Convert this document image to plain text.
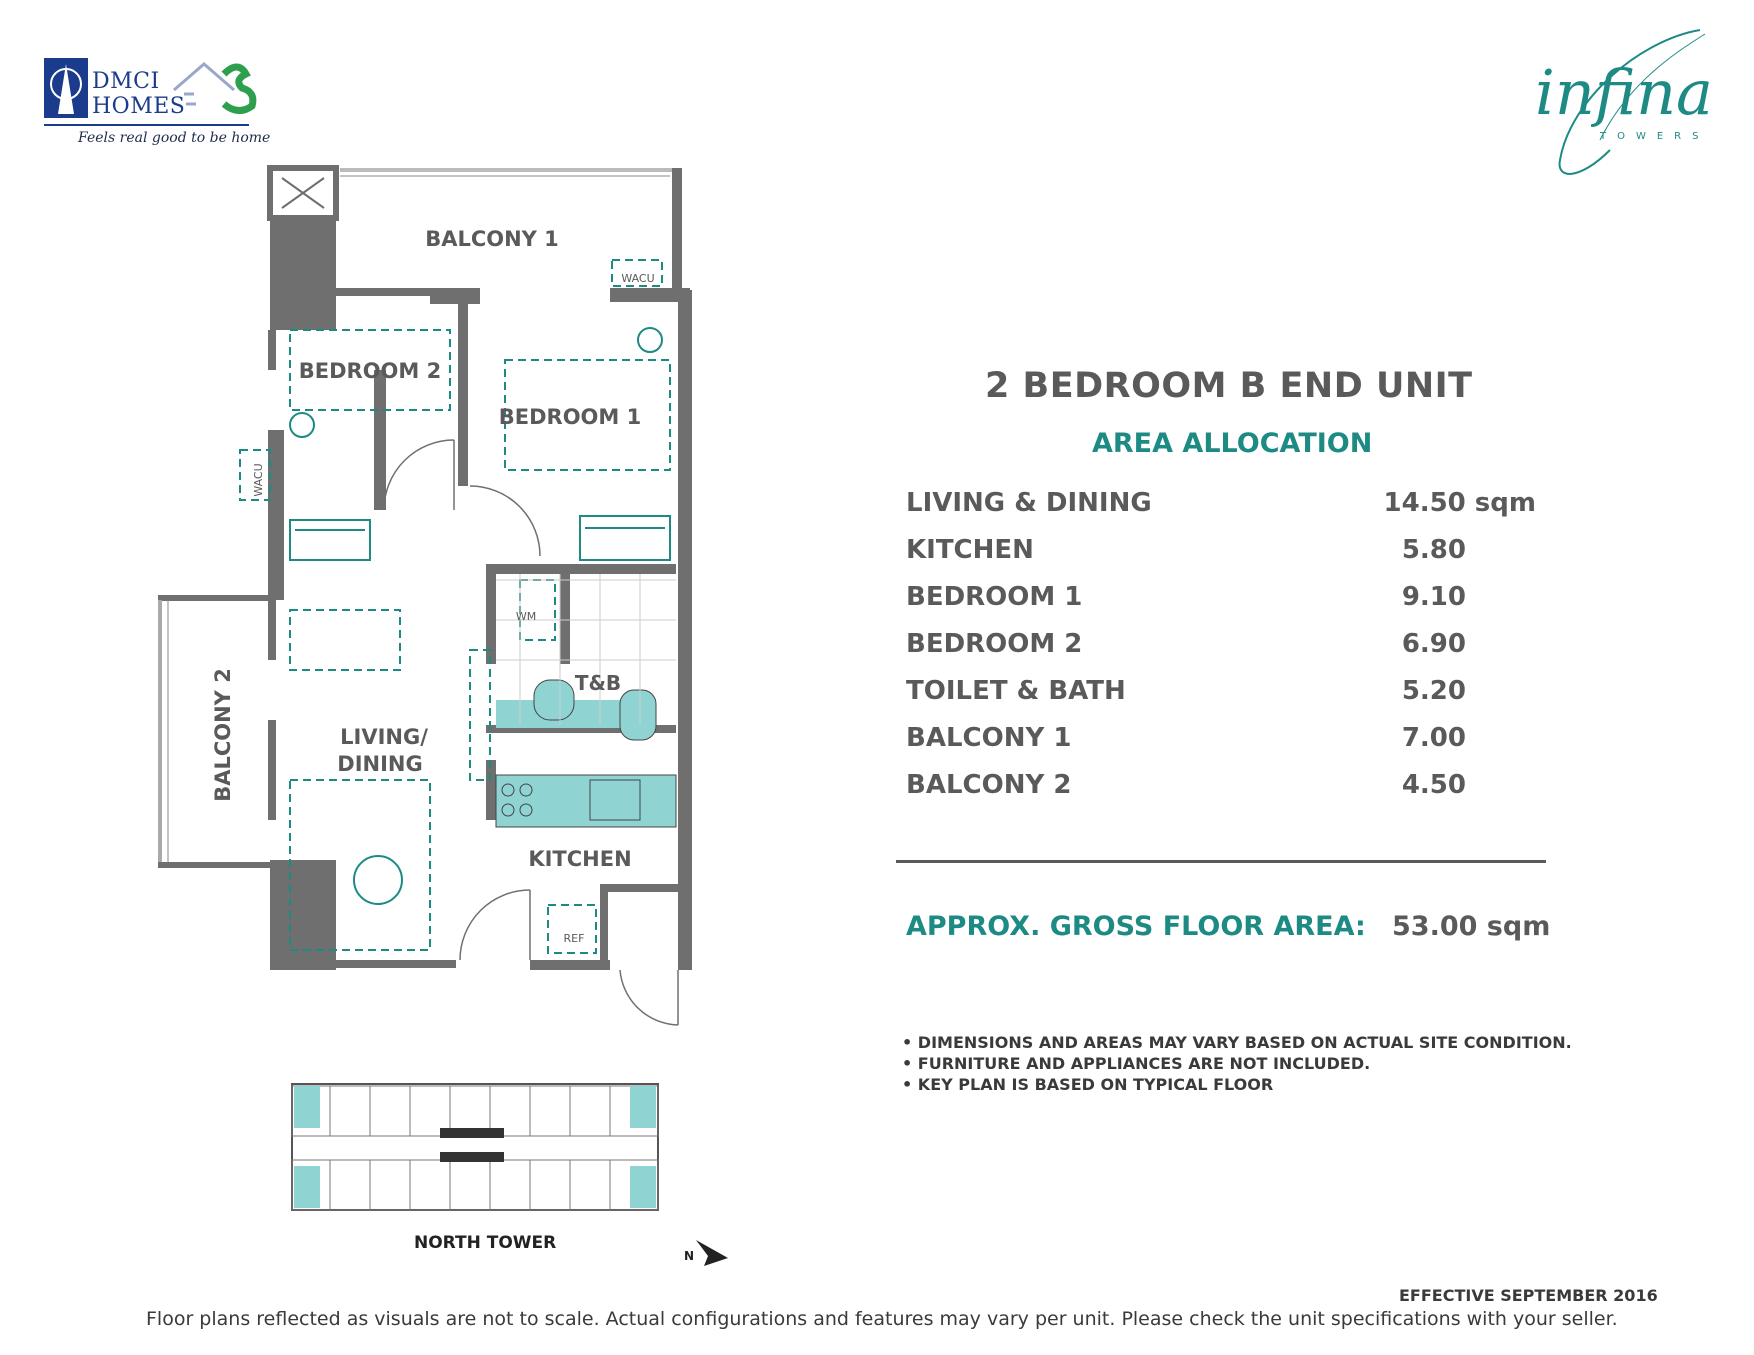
DMCI
HOMES
Feels real good to be home
infina
TOWERS
BALCONY 1
BEDROOM 2
BEDROOM 1
LIVING/
DINING
T&B
KITCHEN
WACU
WM
REF
WACU
BALCONY 2
2 BEDROOM B END UNIT
AREA ALLOCATION
LIVING & DINING	14.50 sqm
KITCHEN	5.80
BEDROOM 1	9.10
BEDROOM 2	6.90
TOILET & BATH	5.20
BALCONY 1	7.00
BALCONY 2	4.50
APPROX. GROSS FLOOR AREA: 53.00 sqm
• DIMENSIONS AND AREAS MAY VARY BASED ON ACTUAL SITE CONDITION.
• FURNITURE AND APPLIANCES ARE NOT INCLUDED.
• KEY PLAN IS BASED ON TYPICAL FLOOR
NORTH TOWER
N
EFFECTIVE SEPTEMBER 2016
Floor plans reflected as visuals are not to scale. Actual configurations and features may vary per unit. Please check the unit specifications with your seller.
